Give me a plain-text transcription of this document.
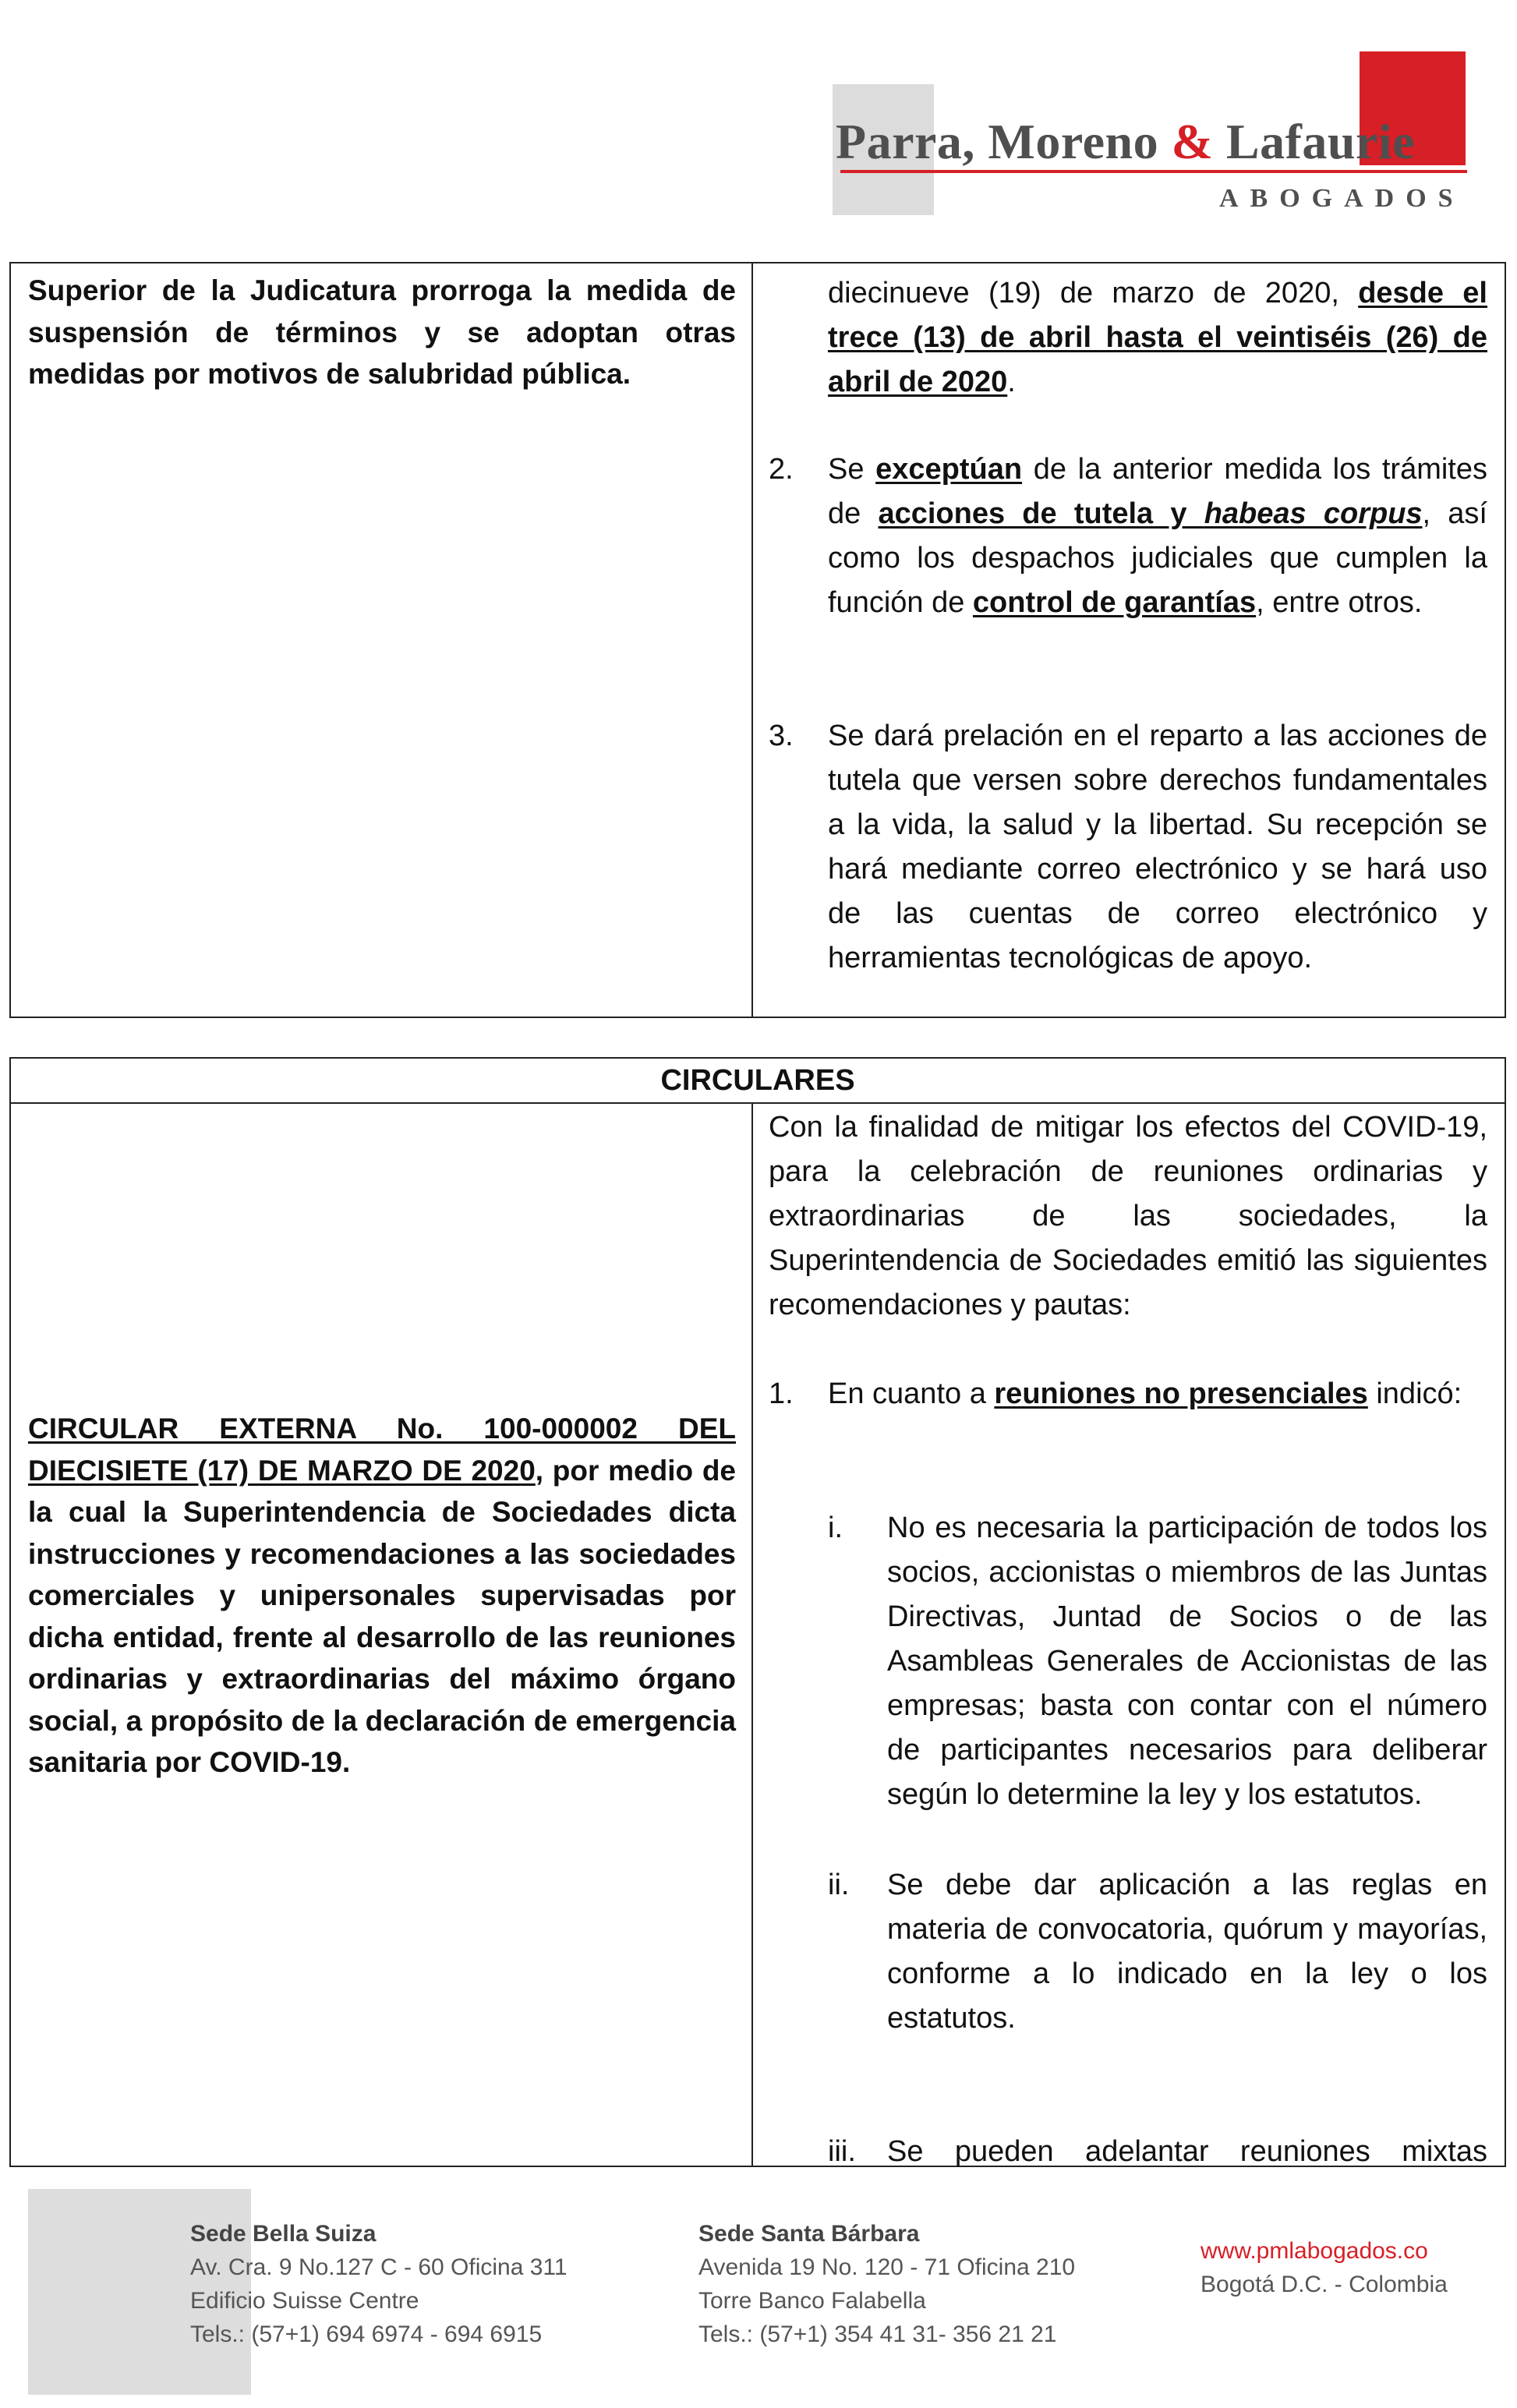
Parra, Moreno & Lafaurie
ABOGADOS
Superior de la Judicatura prorroga la medida de suspensión de términos y se adoptan otras medidas por motivos de salubridad pública.
diecinueve (19) de marzo de 2020, desde el trece (13) de abril hasta el veintiséis (26) de abril de 2020.
2. Se exceptúan de la anterior medida los trámites de acciones de tutela y habeas corpus, así como los despachos judiciales que cumplen la función de control de garantías, entre otros.
3. Se dará prelación en el reparto a las acciones de tutela que versen sobre derechos fundamentales a la vida, la salud y la libertad. Su recepción se hará mediante correo electrónico y se hará uso de las cuentas de correo electrónico y herramientas tecnológicas de apoyo.
CIRCULARES
CIRCULAR EXTERNA No. 100-000002 DEL DIECISIETE (17) DE MARZO DE 2020, por medio de la cual la Superintendencia de Sociedades dicta instrucciones y recomendaciones a las sociedades comerciales y unipersonales supervisadas por dicha entidad, frente al desarrollo de las reuniones ordinarias y extraordinarias del máximo órgano social, a propósito de la declaración de emergencia sanitaria por COVID-19.
Con la finalidad de mitigar los efectos del COVID-19, para la celebración de reuniones ordinarias y extraordinarias de las sociedades, la Superintendencia de Sociedades emitió las siguientes recomendaciones y pautas:
1. En cuanto a reuniones no presenciales indicó:
i. No es necesaria la participación de todos los socios, accionistas o miembros de las Juntas Directivas, Juntad de Socios o de las Asambleas Generales de Accionistas de las empresas; basta con contar con el número de participantes necesarios para deliberar según lo determine la ley y los estatutos.
ii. Se debe dar aplicación a las reglas en materia de convocatoria, quórum y mayorías, conforme a lo indicado en la ley o los estatutos.
iii. Se pueden adelantar reuniones mixtas
Sede Bella Suiza
Av. Cra. 9 No.127 C - 60 Oficina 311
Edificio Suisse Centre
Tels.: (57+1) 694 6974 - 694 6915
Sede Santa Bárbara
Avenida 19 No. 120 - 71 Oficina 210
Torre Banco Falabella
Tels.: (57+1) 354 41 31- 356 21 21
www.pmlabogados.co
Bogotá D.C. - Colombia
